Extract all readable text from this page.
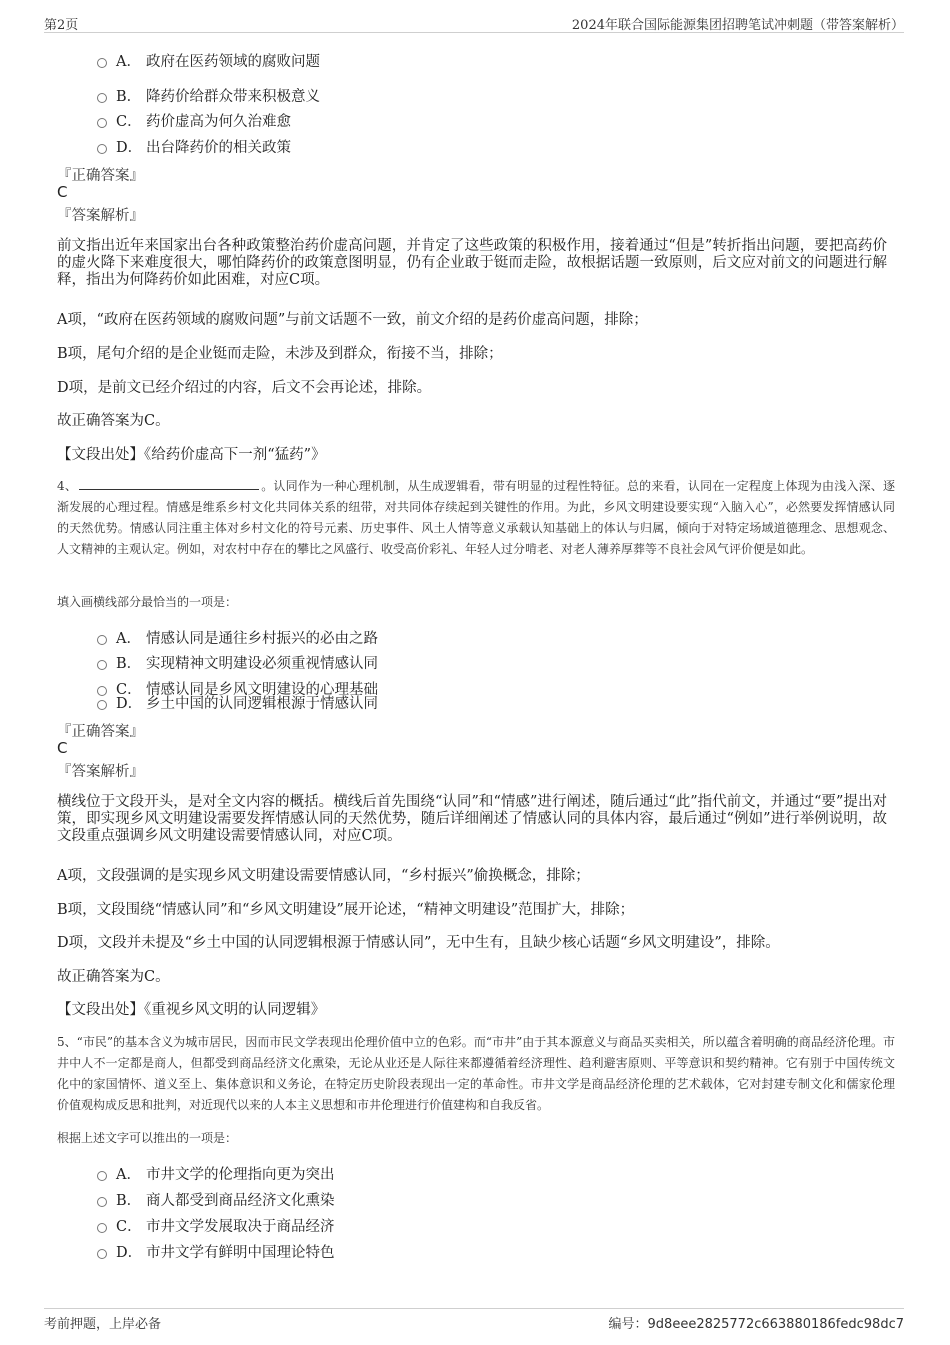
第2页	2024年联合国际能源集团招聘笔试冲刺题（带答案解析）
A． 政府在医药领域的腐败问题
B． 降药价给群众带来积极意义
C． 药价虚高为何久治难愈
D． 出台降药价的相关政策
『正确答案』
C
『答案解析』
前文指出近年来国家出台各种政策整治药价虚高问题，并肯定了这些政策的积极作用，接着通过“但是”转折指出问题，要把高药价的虚火降下来难度很大，哪怕降药价的政策意图明显，仍有企业敢于铤而走险，故根据话题一致原则，后文应对前文的问题进行解释，指出为何降药价如此困难，对应C项。
A项，“政府在医药领域的腐败问题”与前文话题不一致，前文介绍的是药价虚高问题，排除；
B项，尾句介绍的是企业铤而走险，未涉及到群众，衔接不当，排除；
D项，是前文已经介绍过的内容，后文不会再论述，排除。
故正确答案为C。
【文段出处】《给药价虚高下一剂“猛药”》
4、	。认同作为一种心理机制，从生成逻辑看，带有明显的过程性特征。总的来看，认同在一定程度上体现为由浅入深、逐渐发展的心理过程。情感是维系乡村文化共同体关系的纽带，对共同体存续起到关键性的作用。为此，乡风文明建设要实现“入脑入心”，必然要发挥情感认同的天然优势。情感认同注重主体对乡村文化的符号元素、历史事件、风土人情等意义承载认知基础上的体认与归属，倾向于对特定场域道德理念、思想观念、人文精神的主观认定。例如，对农村中存在的攀比之风盛行、收受高价彩礼、年轻人过分啃老、对老人薄养厚葬等不良社会风气评价便是如此。
填入画横线部分最恰当的一项是：
A． 情感认同是通往乡村振兴的必由之路
B． 实现精神文明建设必须重视情感认同
C． 情感认同是乡风文明建设的心理基础
D． 乡土中国的认同逻辑根源于情感认同
『正确答案』
C
『答案解析』
横线位于文段开头，是对全文内容的概括。横线后首先围绕“认同”和“情感”进行阐述，随后通过“此”指代前文，并通过“要”提出对策，即实现乡风文明建设需要发挥情感认同的天然优势，随后详细阐述了情感认同的具体内容，最后通过“例如”进行举例说明，故文段重点强调乡风文明建设需要情感认同，对应C项。
A项，文段强调的是实现乡风文明建设需要情感认同，“乡村振兴”偷换概念，排除；
B项，文段围绕“情感认同”和“乡风文明建设”展开论述，“精神文明建设”范围扩大，排除；
D项，文段并未提及“乡土中国的认同逻辑根源于情感认同”，无中生有，且缺少核心话题“乡风文明建设”，排除。
故正确答案为C。
【文段出处】《重视乡风文明的认同逻辑》
5、“市民”的基本含义为城市居民，因而市民文学表现出伦理价值中立的色彩。而“市井”由于其本源意义与商品买卖相关，所以蕴含着明确的商品经济伦理。市井中人不一定都是商人，但都受到商品经济文化熏染，无论从业还是人际往来都遵循着经济理性、趋利避害原则、平等意识和契约精神。它有别于中国传统文化中的家国情怀、道义至上、集体意识和义务论，在特定历史阶段表现出一定的革命性。市井文学是商品经济伦理的艺术载体，它对封建专制文化和儒家伦理价值观构成反思和批判，对近现代以来的人本主义思想和市井伦理进行价值建构和自我反省。
根据上述文字可以推出的一项是：
A． 市井文学的伦理指向更为突出
B． 商人都受到商品经济文化熏染
C． 市井文学发展取决于商品经济
D． 市井文学有鲜明中国理论特色
考前押题，上岸必备	编号：9d8eee2825772c663880186fedc98dc7
